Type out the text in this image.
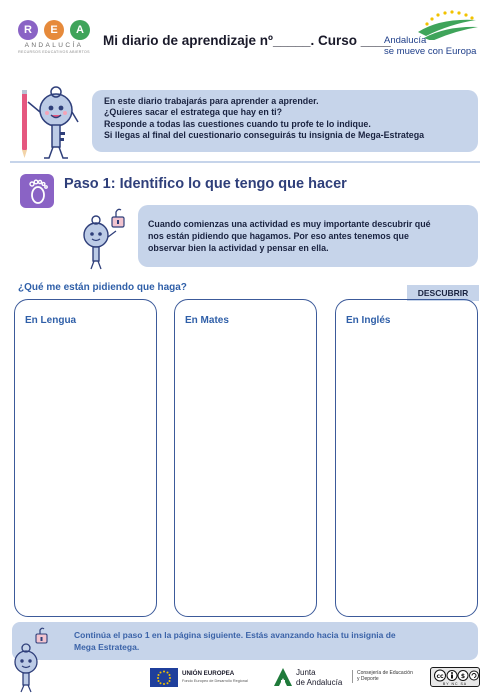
R	E	A
ANDALUCÍA
RECURSOS EDUCATIVOS ABIERTOS
Mi diario de aprendizaje nº_____. Curso ____
Andalucía
se mueve con Europa

En este diario trabajarás para aprender a aprender.

¿Quieres sacar el estratega que hay en ti?

Responde a todas las cuestiones cuando tu profe te lo indique.

Si llegas al final del cuestionario conseguirás tu insignia de Mega-Estratega

Paso 1: Identifico lo que tengo que hacer

Cuando comienzas una actividad es muy importante descubrir qué

nos están pidiendo que hagamos. Por eso antes tenemos que

observar bien la actividad y pensar en ella.

¿Qué me están pidiendo que haga?	DESCUBRIR
En Lengua	En Mates	En Inglés

Continúa el paso 1 en la página siguiente. Estás avanzando hacia tu insignia de

Mega Estratega.

UNIÓN EUROPEA
Fondo Europeo de Desarrollo Regional
Junta
de Andalucía
Consejería de Educación
y Deporte	cc	$
BY NC SA
